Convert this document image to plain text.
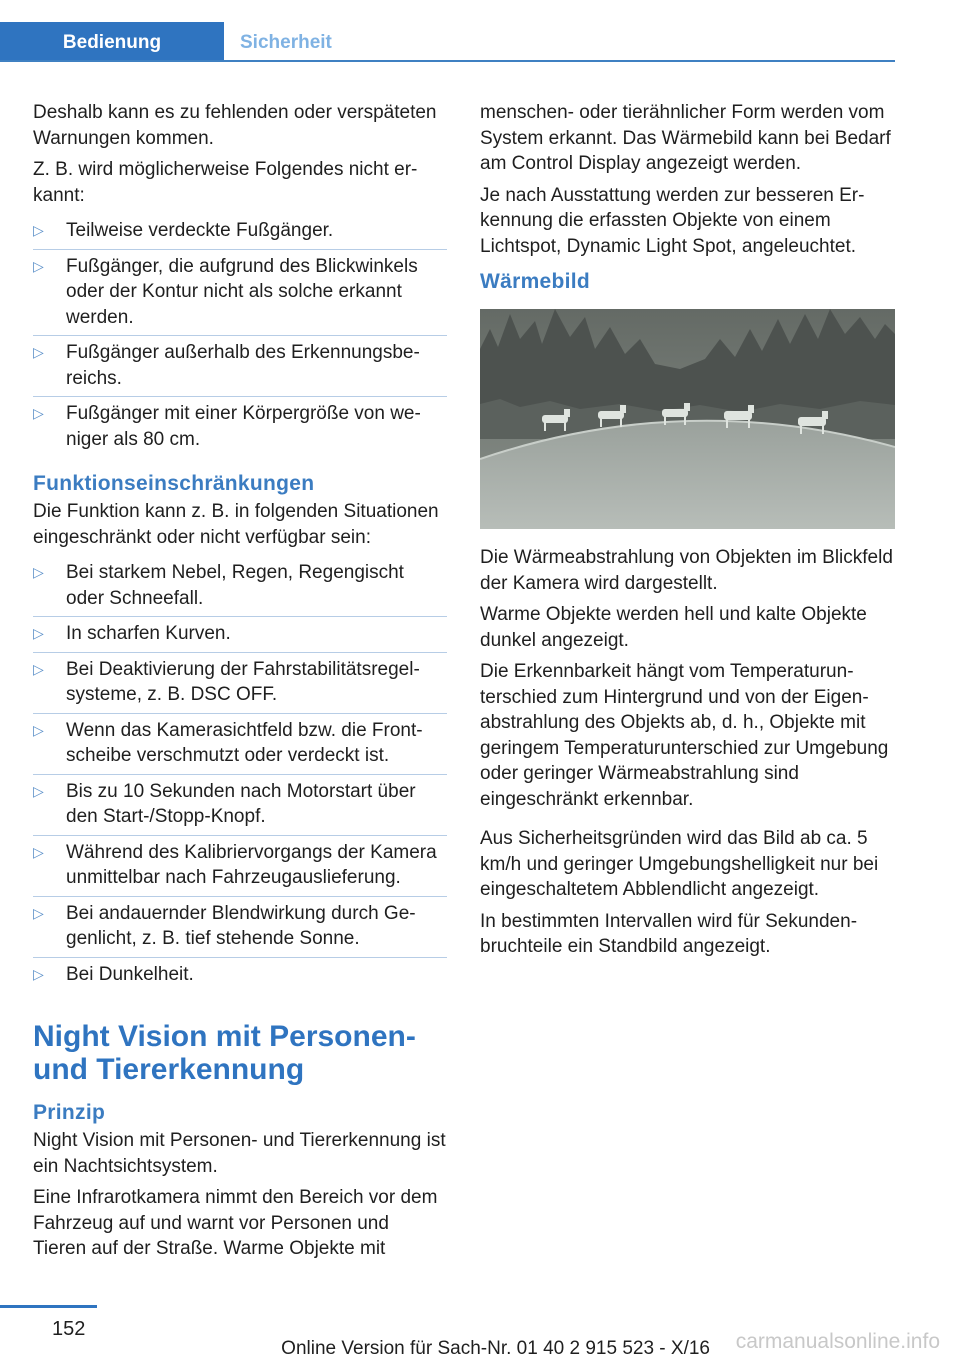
Bedienung	Sicherheit

Deshalb kann es zu fehlenden oder verspäteten Warnungen kommen.

Z. B. wird möglicherweise Folgendes nicht erkannt:

▷ Teilweise verdeckte Fußgänger.
▷ Fußgänger, die aufgrund des Blickwinkels oder der Kontur nicht als solche erkannt werden.
▷ Fußgänger außerhalb des Erkennungsbereichs.
▷ Fußgänger mit einer Körpergröße von weniger als 80 cm.
Funktionseinschränkungen

Die Funktion kann z. B. in folgenden Situationen eingeschränkt oder nicht verfügbar sein:

▷ Bei starkem Nebel, Regen, Regengischt oder Schneefall.
▷ In scharfen Kurven.
▷ Bei Deaktivierung der Fahrstabilitätsregelsysteme, z. B. DSC OFF.
▷ Wenn das Kamerasichtfeld bzw. die Frontscheibe verschmutzt oder verdeckt ist.
▷ Bis zu 10 Sekunden nach Motorstart über den Start-/Stopp-Knopf.
▷ Während des Kalibriervorgangs der Kamera unmittelbar nach Fahrzeugauslieferung.
▷ Bei andauernder Blendwirkung durch Gegenlicht, z. B. tief stehende Sonne.
▷ Bei Dunkelheit.
Night Vision mit Personen- und Tiererkennung
Prinzip

Night Vision mit Personen- und Tiererkennung ist ein Nachtsichtsystem.

Eine Infrarotkamera nimmt den Bereich vor dem Fahrzeug auf und warnt vor Personen und Tieren auf der Straße. Warme Objekte mit

menschen- oder tierähnlicher Form werden vom System erkannt. Das Wärmebild kann bei Bedarf am Control Display angezeigt werden.

Je nach Ausstattung werden zur besseren Erkennung die erfassten Objekte von einem Lichtspot, Dynamic Light Spot, angeleuchtet.

Wärmebild

Die Wärmeabstrahlung von Objekten im Blickfeld der Kamera wird dargestellt.

Warme Objekte werden hell und kalte Objekte dunkel angezeigt.

Die Erkennbarkeit hängt vom Temperaturunterschied zum Hintergrund und von der Eigenabstrahlung des Objekts ab, d. h., Objekte mit geringem Temperaturunterschied zur Umgebung oder geringer Wärmeabstrahlung sind eingeschränkt erkennbar.

Aus Sicherheitsgründen wird das Bild ab ca. 5 km/h und geringer Umgebungshelligkeit nur bei eingeschaltetem Abblendlicht angezeigt.

In bestimmten Intervallen wird für Sekundenbruchteile ein Standbild angezeigt.

152
Online Version für Sach-Nr. 01 40 2 915 523 - X/16 carmanualsonline.info
